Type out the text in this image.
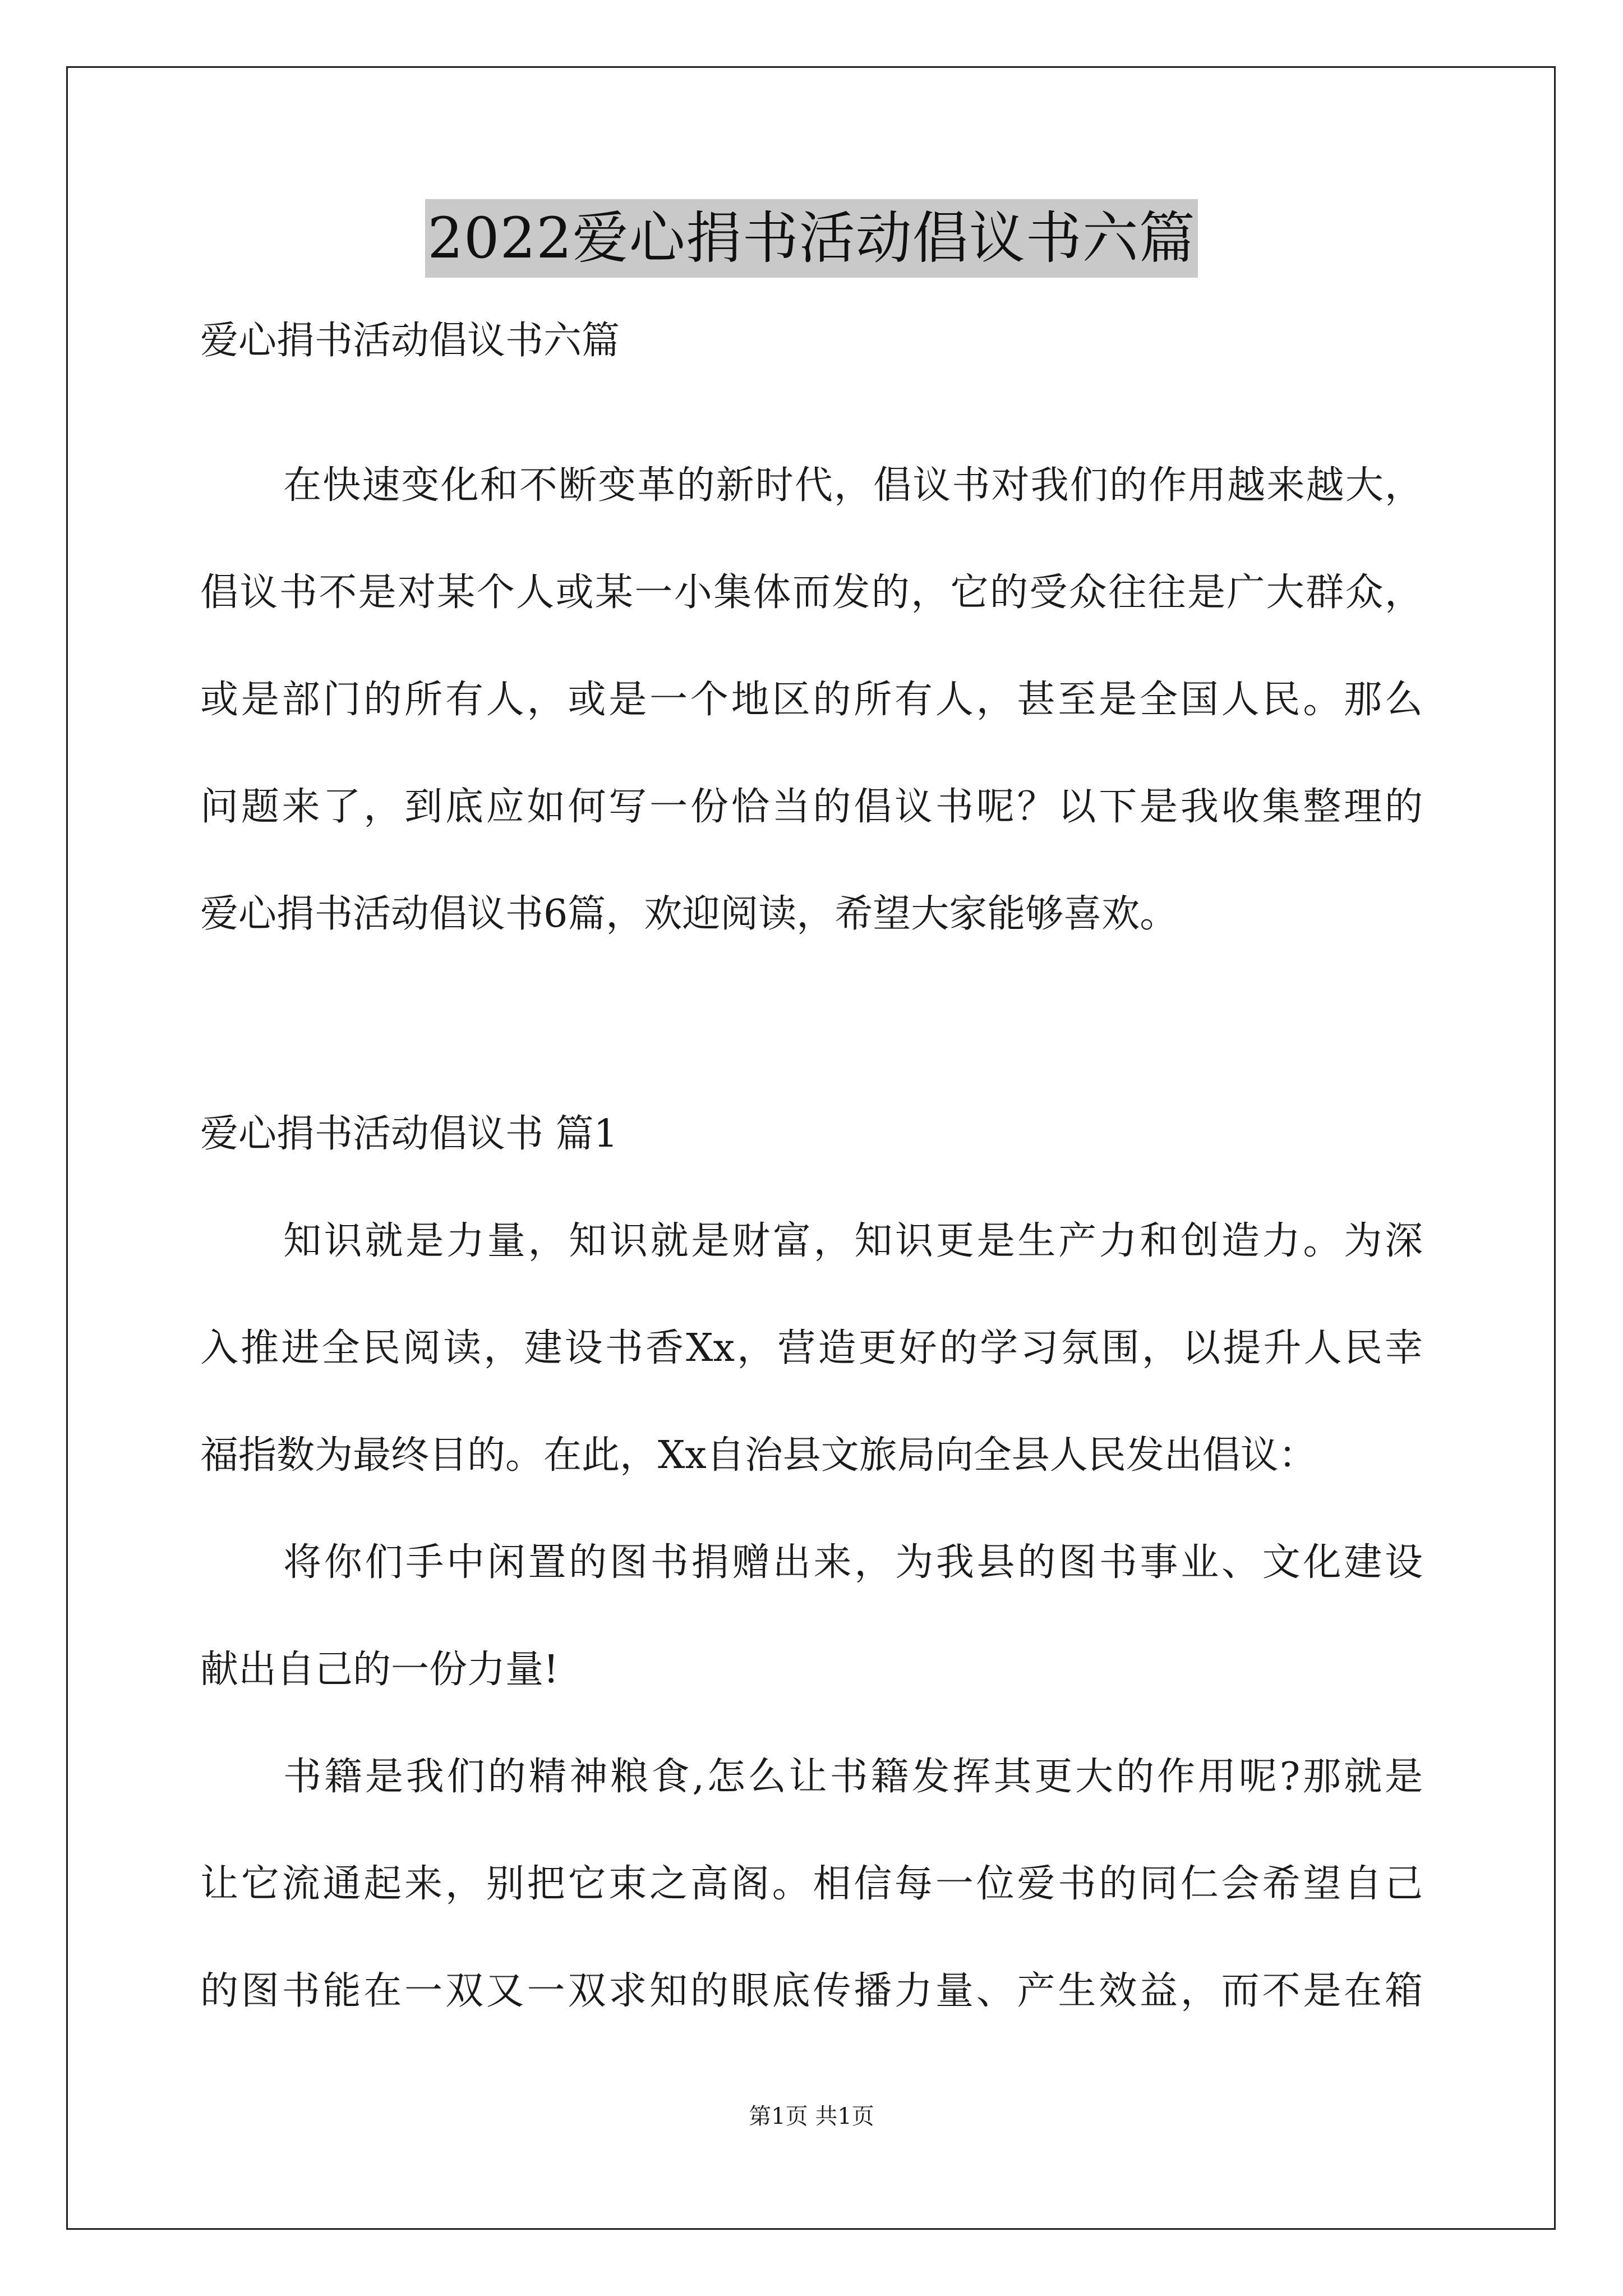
2022爱心捐书活动倡议书六篇
爱心捐书活动倡议书六篇
在快速变化和不断变革的新时代，倡议书对我们的作用越来越大，
倡议书不是对某个人或某一小集体而发的，它的受众往往是广大群众，
或是部门的所有人，或是一个地区的所有人，甚至是全国人民。那么
问题来了，到底应如何写一份恰当的倡议书呢？以下是我收集整理的
爱心捐书活动倡议书6篇，欢迎阅读，希望大家能够喜欢。
爱心捐书活动倡议书 篇1
知识就是力量，知识就是财富，知识更是生产力和创造力。为深
入推进全民阅读，建设书香Xx，营造更好的学习氛围，以提升人民幸
福指数为最终目的。在此，Xx自治县文旅局向全县人民发出倡议：
将你们手中闲置的图书捐赠出来，为我县的图书事业、文化建设
献出自己的一份力量!
书籍是我们的精神粮食,怎么让书籍发挥其更大的作用呢?那就是
让它流通起来，别把它束之高阁。相信每一位爱书的同仁会希望自己
的图书能在一双又一双求知的眼底传播力量、产生效益，而不是在箱
第1页 共1页
